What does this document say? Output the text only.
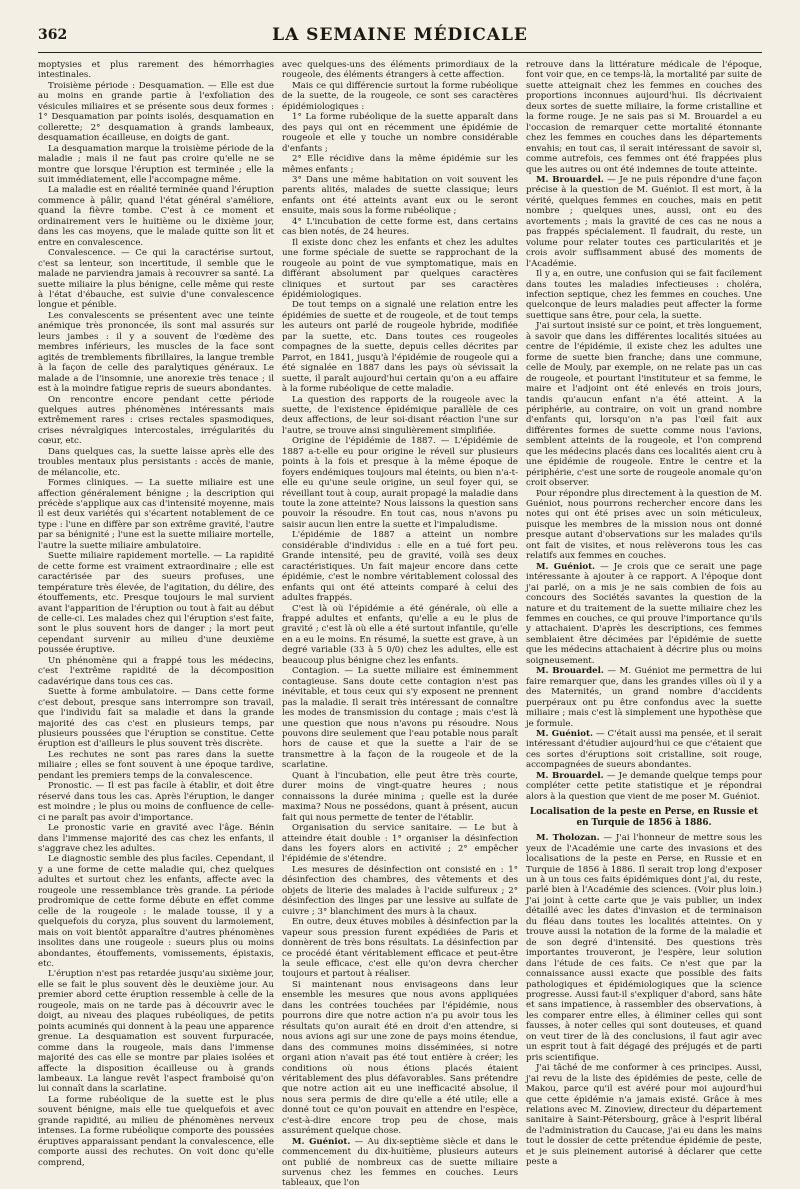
362	LA SEMAINE MÉDICALE

moptysies et plus rarement des hémorrhagies intestinales.

Troisième période : Desquamation. — Elle est due au moins en grande partie à l'exfoliation des vésicules miliaires et se présente sous deux formes : 1° Desquamation par points isolés, desquamation en collerette; 2° desquamation à grands lambeaux, desquamation écailleuse, en doigts de gant.

La desquamation marque la troisième période de la maladie ; mais il ne faut pas croire qu'elle ne se montre que lorsque l'éruption est terminée ; elle la suit immédiatement, elle l'accompagne même.

La maladie est en réalité terminée quand l'éruption commence à pâlir, quand l'état général s'améliore, quand la fièvre tombe. C'est à ce moment et ordinairement vers le huitième ou le dixième jour, dans les cas moyens, que le malade quitte son lit et entre en convalescence.

Convalescence. — Ce qui la caractérise surtout, c'est sa lenteur, son incertitude, il semble que le malade ne parviendra jamais à recouvrer sa santé. La suette miliaire la plus bénigne, celle même qui reste à l'état d'ébauche, est suivie d'une convalescence longue et pénible.

Les convalescents se présentent avec une teinte anémique très prononcée, ils sont mal assurés sur leurs jambes : il y a souvent de l'œdème des membres inférieurs, les muscles de la face sont agités de tremblements fibrillaires, la langue tremble à la façon de celle des paralytiques généraux. Le malade a de l'insomnie, une anorexie très tenace ; il est à la moindre fatigue repris de sueurs abondantes.

On rencontre encore pendant cette période quelques autres phénomènes intéressants mais extrêmement rares : crises rectales spasmodiques, crises névralgiques intercostales, irrégularités du cœur, etc.

Dans quelques cas, la suette laisse après elle des troubles mentaux plus persistants : accès de manie, de mélancolie, etc.

Formes cliniques. — La suette miliaire est une affection généralement bénigne ; la description qui précède s'applique aux cas d'intensité moyenne, mais il est deux variétés qui s'écartent notablement de ce type : l'une en diffère par son extrême gravité, l'autre par sa bénignité ; l'une est la suette miliaire mortelle, l'autre la suette miliaire ambulatoire.

Suette miliaire rapidement mortelle. — La rapidité de cette forme est vraiment extraordinaire ; elle est caractérisée par des sueurs profuses, une température très élevée, de l'agitation, du délire, des étouffements, etc. Presque toujours le mal survient avant l'apparition de l'éruption ou tout à fait au début de celle-ci. Les malades chez qui l'éruption s'est faite, sont le plus souvent hors de danger ; la mort peut cependant survenir au milieu d'une deuxième poussée éruptive.

Un phénomène qui a frappé tous les médecins, c'est l'extrême rapidité de la décomposition cadavérique dans tous ces cas.

Suette à forme ambulatoire. — Dans cette forme c'est debout, presque sans interrompre son travail, que l'individu fait sa maladie et dans la grande majorité des cas c'est en plusieurs temps, par plusieurs poussées que l'éruption se constitue. Cette éruption est d'ailleurs le plus souvent très discrète.

Les rechutes ne sont pas rares dans la suette miliaire ; elles se font souvent à une époque tardive, pendant les premiers temps de la convalescence.

Pronostic. — Il est pas facile à établir, et doit être réservé dans tous les cas. Après l'éruption, le danger est moindre ; le plus ou moins de confluence de celle-ci ne paraît pas avoir d'importance.

Le pronostic varie en gravité avec l'âge. Bénin dans l'immense majorité des cas chez les enfants, il s'aggrave chez les adultes.

Le diagnostic semble des plus faciles. Cependant, il y a une forme de cette maladie qui, chez quelques adultes et surtout chez les enfants, affecte avec la rougeole une ressemblance très grande. La période prodromique de cette forme débute en effet comme celle de la rougeole : le malade tousse, il y a quelquefois du coryza, plus souvent du larmoiement, mais on voit bientôt apparaître d'autres phénomènes insolites dans une rougeole : sueurs plus ou moins abondantes, étouffements, vomissements, épistaxis, etc.

L'éruption n'est pas retardée jusqu'au sixième jour, elle se fait le plus souvent dès le deuxième jour. Au premier abord cette éruption ressemble à celle de la rougeole, mais on ne tarde pas à découvrir avec le doigt, au niveau des plaques rubéoliques, de petits points acuminés qui donnent à la peau une apparence grenue. La desquamation est souvent furpuracée, comme dans la rougeole, mais dans l'immense majorité des cas elle se montre par plaies isolées et affecte la disposition écailleuse ou à grands lambeaux. La langue revêt l'aspect framboisé qu'on lui connaît dans la scarlatine.

La forme rubéolique de la suette est le plus souvent bénigne, mais elle tue quelquefois et avec grande rapidité, au milieu de phénomènes nerveux intenses. La forme rubéolique comporte des poussées éruptives apparaissant pendant la convalescence, elle comporte aussi des rechutes. On voit donc qu'elle comprend,

avec quelques-uns des éléments primordiaux de la rougeole, des éléments étrangers à cette affection.

Mais ce qui différencie surtout la forme rubéolique de la suette, de la rougeole, ce sont ses caractères épidémiologiques :

1° La forme rubéolique de la suette apparaît dans des pays qui ont en récemment une épidémie de rougeole et elle y touche un nombre considérable d'enfants ;

2° Elle récidive dans la même épidémie sur les mêmes enfants ;

3° Dans une même habitation on voit souvent les parents alités, malades de suette classique; leurs enfants ont été atteints avant eux ou le seront ensuite, mais sous la forme rubéolique ;

4° L'incubation de cette forme est, dans certains cas bien notés, de 24 heures.

Il existe donc chez les enfants et chez les adultes une forme spéciale de suette se rapprochant de la rougeole au point de vue symptomatique, mais en différant absolument par quelques caractères cliniques et surtout par ses caractères épidémiologiques.

De tout temps on a signalé une relation entre les épidémies de suette et de rougeole, et de tout temps les auteurs ont parlé de rougeole hybride, modifiée par la suette, etc. Dans toutes ces rougeoles compagnes de la suette, depuis celles décrites par Parrot, en 1841, jusqu'à l'épidémie de rougeole qui a été signalée en 1887 dans les pays où sévissait la suette, il paraît aujourd'hui certain qu'on a eu affaire à la forme rubéolique de cette maladie.

La question des rapports de la rougeole avec la suette, de l'existence épidémique parallèle de ces deux affections, de leur soi-disant réaction l'une sur l'autre, se trouve ainsi singulièrement simplifiée.

Origine de l'épidémie de 1887. — L'épidémie de 1887 a-t-elle eu pour origine le réveil sur plusieurs points à la fois et presque à la même époque de foyers endémiques toujours mal éteints, ou bien n'a-t-elle eu qu'une seule origine, un seul foyer qui, se réveillant tout à coup, aurait propagé la maladie dans toute la zone atteinte? Nous laissons la question sans pouvoir la résoudre. En tout cas, nous n'avons pu saisir aucun lien entre la suette et l'impaludisme.

L'épidémie de 1887 a atteint un nombre considérable d'individus : elle en a tué fort peu. Grande intensité, peu de gravité, voilà ses deux caractéristiques. Un fait majeur encore dans cette épidémie, c'est le nombre véritablement colossal des enfants qui ont été atteints comparé à celui des adultes frappés.

C'est là où l'épidémie a été générale, où elle a frappé adultes et enfants, qu'elle a eu le plus de gravité ; c'est là où elle a été surtout infantile, qu'elle en a eu le moins. En résumé, la suette est grave, à un degré variable (33 à 5 0/0) chez les adultes, elle est beaucoup plus bénigne chez les enfants.

Contagion. — La suette miliaire est éminemment contagieuse. Sans doute cette contagion n'est pas inévitable, et tous ceux qui s'y exposent ne prennent pas la maladie. Il serait très intéressant de connaître les modes de transmission du contage ; mais c'est là une question que nous n'avons pu résoudre. Nous pouvons dire seulement que l'eau potable nous paraît hors de cause et que la suette a l'air de se transmettre à la façon de la rougeole et de la scarlatine.

Quant à l'incubation, elle peut être très courte, durer moins de vingt-quatre heures ; nous connaissons la durée minima ; quelle est la durée maxima? Nous ne possédons, quant à présent, aucun fait qui nous permette de tenter de l'établir.

Organisation du service sanitaire. — Le but à atteindre était double : 1° organiser la désinfection dans les foyers alors en activité ; 2° empêcher l'épidémie de s'étendre.

Les mesures de désinfection ont consisté en : 1° désinfection des chambres, des vêtements et des objets de literie des malades à l'acide sulfureux ; 2° désinfection des linges par une lessive au sulfate de cuivre ; 3° blanchiment des murs à la chaux.

En outre, deux étuves mobiles à désinfection par la vapeur sous pression furent expédiées de Paris et donnèrent de très bons résultats. La désinfection par ce procédé étant véritablement efficace et peut-être la seule efficace, c'est elle qu'on devra chercher toujours et partout à réaliser.

Si maintenant nous envisageons dans leur ensemble les mesures que nous avons appliquées dans les contrées touchées par l'épidémie, nous pourrons dire que notre action n'a pu avoir tous les résultats qu'on aurait été en droit d'en attendre, si nous avions agi sur une zone de pays moins étendue, dans des communes moins disséminées, si notre organi ation n'avait pas été tout entière à créer; les conditions où nous étions placés étaient véritablement des plus défavorables. Sans prétendre que notre action ait eu une inefficacité absolue, il nous sera permis de dire qu'elle a été utile; elle a donné tout ce qu'on pouvait en attendre en l'espèce, c'est-à-dire encore trop peu de chose, mais assurément quelque chose.

M. Guéniot. — Au dix-septième siècle et dans le commencement du dix-huitième, plusieurs auteurs ont publié de nombreux cas de suette miliaire survenus chez les femmes en couches. Leurs tableaux, que l'on

retrouve dans la littérature médicale de l'époque, font voir que, en ce temps-là, la mortalité par suite de suette atteignait chez les femmes en couches des proportions inconnues aujourd'hui. Ils décrivaient deux sortes de suette miliaire, la forme cristalline et la forme rouge. Je ne sais pas si M. Brouardel a eu l'occasion de remarquer cette mortalité étonnante chez les femmes en couches dans les départements envahis; en tout cas, il serait intéressant de savoir si, comme autrefois, ces femmes ont été frappées plus que les autres ou ont été indemnes de toute atteinte.

M. Brouardel. — Je ne puis répondre d'une façon précise à la question de M. Guéniot. Il est mort, à la vérité, quelques femmes en couches, mais en petit nombre ; quelques unes, aussi, ont eu des avortements ; mais la gravité de ces cas ne nous a pas frappés spécialement. Il faudrait, du reste, un volume pour relater toutes ces particularités et je crois avoir suffisamment abusé des moments de l'Académie.

Il y a, en outre, une confusion qui se fait facilement dans toutes les maladies infectieuses : choléra, infection septique, chez les femmes en couches. Une quelconque de leurs maladies peut affecter la forme suettique sans être, pour cela, la suette.

J'ai surtout insisté sur ce point, et très longuement, à savoir que dans les différentes localités situées au centre de l'épidémie, il existe chez les adultes une forme de suette bien franche; dans une commune, celle de Mouly, par exemple, on ne relate pas un cas de rougeole, et pourtant l'instituteur et sa femme, le maire et l'adjoint ont été enlevés en trois jours, tandis qu'aucun enfant n'a été atteint. A la périphérie, au contraire, on voit un grand nombre d'enfants qui, lorsqu'on n'a pas l'œil fait aux différentes formes de suette comme nous l'avions, semblent atteints de la rougeole, et l'on comprend que les médecins placés dans ces localités aient cru à une épidémie de rougeole. Entre le centre et la périphérie, c'est une sorte de rougeole anomale qu'on croit observer.

Pour répondre plus directement à la question de M. Guéniot, nous pourrons rechercher encore dans les notes qui ont été prises avec un soin méticuleux, puisque les membres de la mission nous ont donné presque autant d'observations sur les malades qu'ils ont fait de visites, et nous relèverons tous les cas relatifs aux femmes en couches.

M. Guéniot. — Je crois que ce serait une page intéressante à ajouter à ce rapport. A l'époque dont j'ai parlé, on a mis je ne sais combien de fois au concours des Sociétés savantes la question de la nature et du traitement de la suette miliaire chez les femmes en couches, ce qui prouve l'importance qu'ils y attachaient. D'après les descriptions, ces femmes semblaient être décimées par l'épidémie de suette que les médecins attachaient à décrire plus ou moins soigneusement.

M. Brouardel. — M. Guéniot me permettra de lui faire remarquer que, dans les grandes villes où il y a des Maternités, un grand nombre d'accidents puerpéraux ont pu être confondus avec la suette miliaire ; mais c'est là simplement une hypothèse que je formule.

M. Guéniot. — C'était aussi ma pensée, et il serait intéressant d'étudier aujourd'hui ce que c'étaient que ces sortes d'éruptions soit cristalline, soit rouge, accompagnées de sueurs abondantes.

M. Brouardel. — Je demande quelque temps pour compléter cette petite statistique et je répondrai alors à la question que vient de me poser M. Guéniot.

Localisation de la peste en Perse, en Russie et en Turquie de 1856 à 1886.

M. Tholozan. — J'ai l'honneur de mettre sous les yeux de l'Académie une carte des invasions et des localisations de la peste en Perse, en Russie et en Turquie de 1856 à 1886. Il serait trop long d'exposer un à un tous ces faits épidémiques dont j'ai, du reste, parlé bien à l'Académie des sciences. (Voir plus loin.) J'ai joint à cette carte que je vais publier, un index détaillé avec les dates d'invasion et de terminaison du fléau dans toutes les localités atteintes. On y trouve aussi la notation de la forme de la maladie et de son degré d'intensité. Des questions très importantes trouveront, je l'espère, leur solution dans l'étude de ces faits. Ce n'est que par la connaissance aussi exacte que possible des faits pathologiques et épidémiologiques que la science progresse. Aussi faut-il s'expliquer d'abord, sans hâte et sans impatience, à rassembler des observations, à les comparer entre elles, à éliminer celles qui sont fausses, à noter celles qui sont douteuses, et quand on veut tirer de là des conclusions, il faut agir avec un esprit tout à fait dégagé des préjugés et de parti pris scientifique.

J'ai tâché de me conformer à ces principes. Aussi, j'ai revu de la liste des épidémies de peste, celle de Makou, parce qu'il est avéré pour moi aujourd'hui que cette épidémie n'a jamais existé. Grâce à mes relations avec M. Zinoview, directeur du département sanitaire à Saint-Pétersbourg, grâce à l'esprit libéral de l'administration du Caucase, j'ai eu dans les mains tout le dossier de cette prétendue épidémie de peste, et je suis pleinement autorisé à déclarer que cette peste a
